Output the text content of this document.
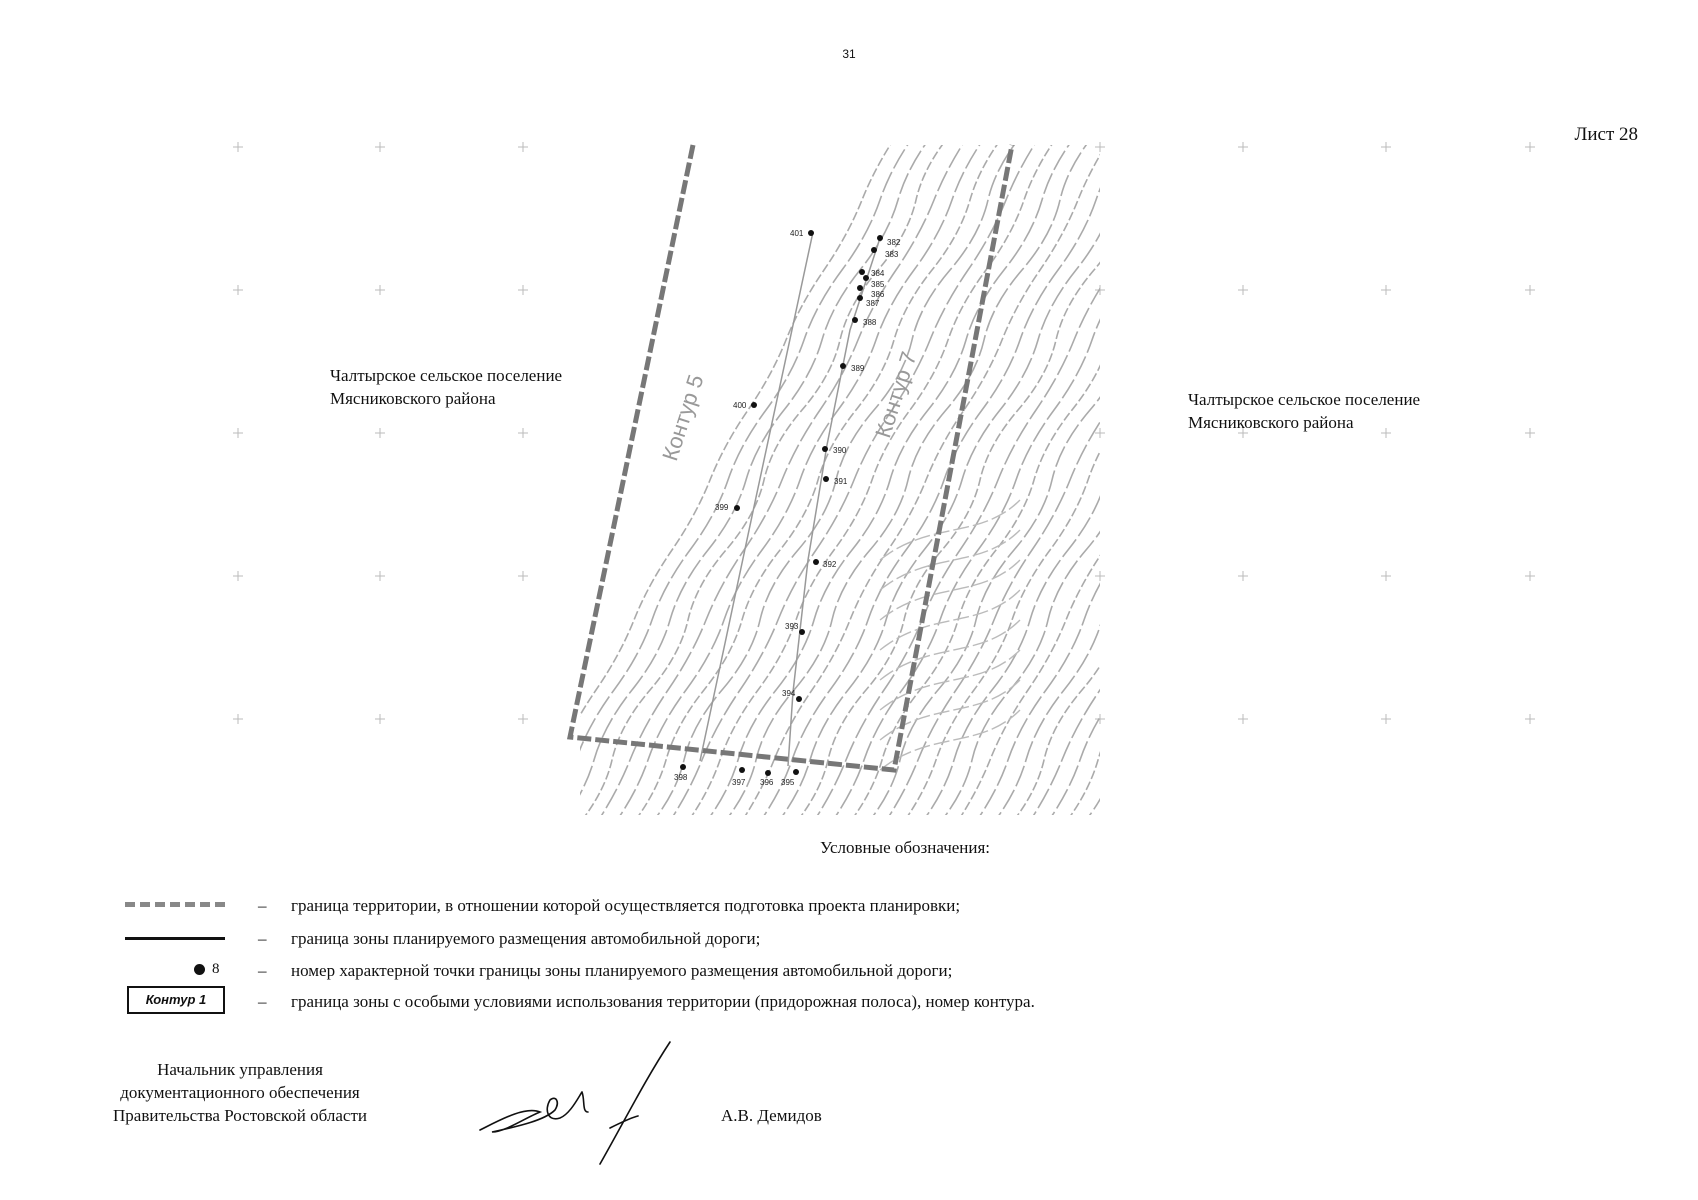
31
Лист 28
Контур 5	Контур 7
382
383
384
385
386
387
388
389
390
391
392
393
394
395
396
397
398
399
400
401
Чалтырское сельское поселение
Мясниковского района	Чалтырское сельское поселение
Мясниковского района
Условные обозначения:
– граница территории, в отношении которой осуществляется подготовка проекта планировки;
– граница зоны планируемого размещения автомобильной дороги;
8 – номер характерной точки границы зоны планируемого размещения автомобильной дороги;
Контур 1	– граница зоны с особыми условиями использования территории (придорожная полоса), номер контура.
Начальник управления
документационного обеспечения
Правительства Ростовской области	А.В. Демидов
